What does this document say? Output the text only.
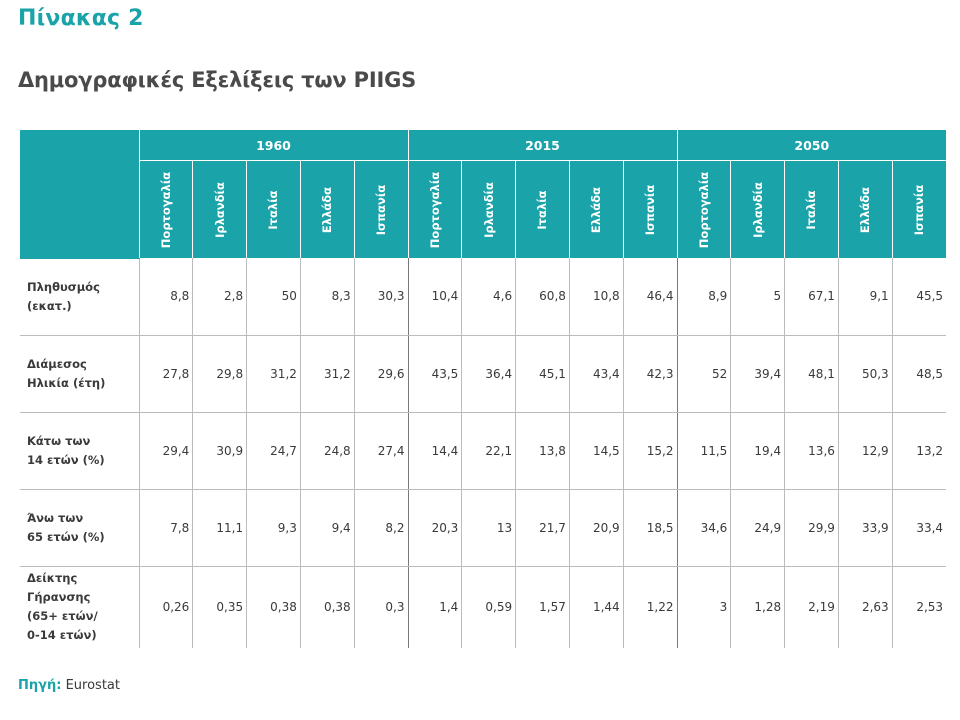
Πίνακας 2
Δημογραφικές Εξελίξεις των PIIGS
	1960					2015					2050				

	Πορτογαλία	Ιρλανδία	Ιταλία	Ελλάδα	Ισπανία	Πορτογαλία	Ιρλανδία	Ιταλία	Ελλάδα	Ισπανία	Πορτογαλία	Ιρλανδία	Ιταλία	Ελλάδα	Ισπανία

Πληθυσμός
(εκατ.)	8,8	2,8	50	8,3	30,3	10,4	4,6	60,8	10,8	46,4	8,9	5	67,1	9,1	45,5

Διάμεσος
Ηλικία (έτη)	27,8	29,8	31,2	31,2	29,6	43,5	36,4	45,1	43,4	42,3	52	39,4	48,1	50,3	48,5

Κάτω των
14 ετών (%)	29,4	30,9	24,7	24,8	27,4	14,4	22,1	13,8	14,5	15,2	11,5	19,4	13,6	12,9	13,2

Άνω των
65 ετών (%)	7,8	11,1	9,3	9,4	8,2	20,3	13	21,7	20,9	18,5	34,6	24,9	29,9	33,9	33,4

Δείκτης Γήρανσης
(65+ ετών/
0-14 ετών)	0,26	0,35	0,38	0,38	0,3	1,4	0,59	1,57	1,44	1,22	3	1,28	2,19	2,63	2,53
Πηγή: Eurostat
